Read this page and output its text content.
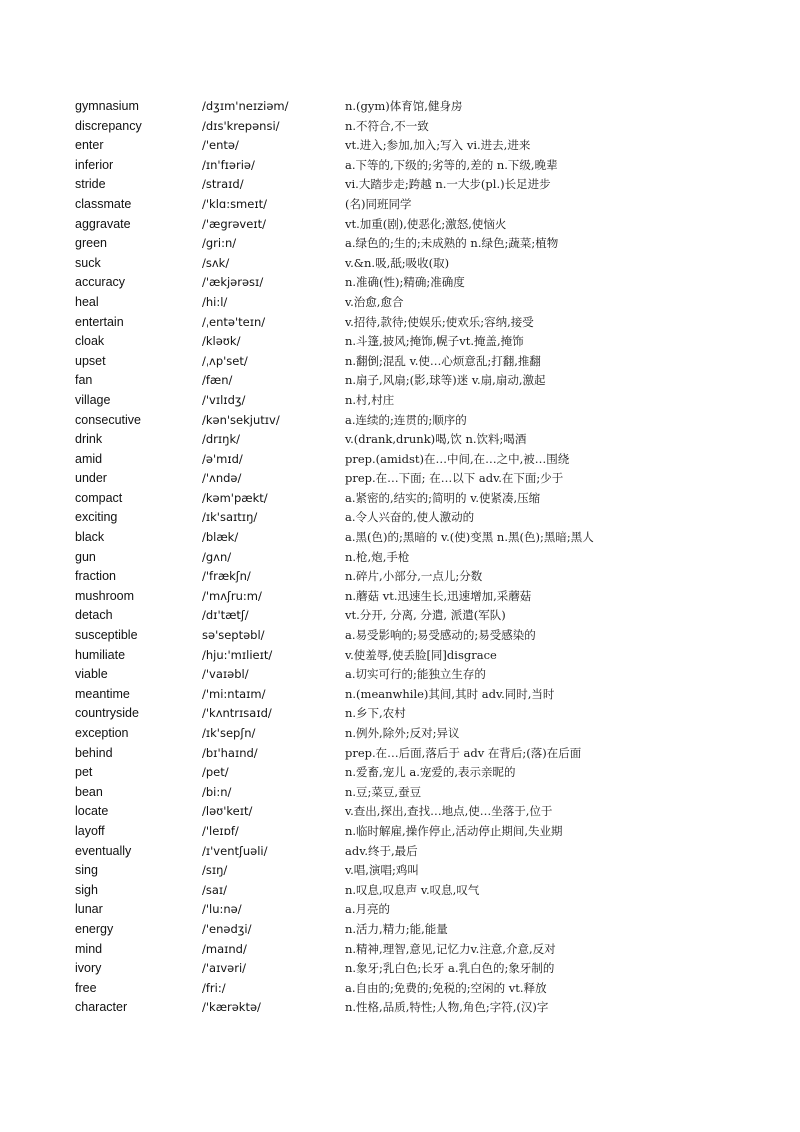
gymnasium	/dʒɪm'neɪziəm/	n.(gym)体育馆,健身房
discrepancy	/dɪs'krepənsi/	n.不符合,不一致
enter	/'entə/	vt.进入;参加,加入;写入 vi.进去,进来
inferior	/ɪn'fɪəriə/	a.下等的,下级的;劣等的,差的 n.下级,晚辈
stride	/straɪd/	vi.大踏步走;跨越 n.一大步(pl.)长足进步
classmate	/'klɑ:smeɪt/	(名)同班同学
aggravate	/'ægrəveɪt/	vt.加重(剧),使恶化;激怒,使恼火
green	/gri:n/	a.绿色的;生的;未成熟的 n.绿色;蔬菜;植物
suck	/sʌk/	v.&n.吸,舐;吸收(取)
accuracy	/'ækjərəsɪ/	n.准确(性);精确;准确度
heal	/hi:l/	v.治愈,愈合
entertain	/ˌentə'teɪn/	v.招待,款待;使娱乐;使欢乐;容纳,接受
cloak	/kləʊk/	n.斗篷,披风;掩饰,幌子vt.掩盖,掩饰
upset	/ˌʌp'set/	n.翻倒;混乱 v.使…心烦意乱;打翻,推翻
fan	/fæn/	n.扇子,风扇;(影,球等)迷 v.扇,扇动,激起
village	/'vɪlɪdʒ/	n.村,村庄
consecutive	/kən'sekjutɪv/	a.连续的;连贯的;顺序的
drink	/drɪŋk/	v.(drank,drunk)喝,饮 n.饮料;喝酒
amid	/ə'mɪd/	prep.(amidst)在…中间,在…之中,被…围绕
under	/'ʌndə/	prep.在…下面; 在…以下 adv.在下面;少于
compact	/kəm'pækt/	a.紧密的,结实的;简明的 v.使紧凑,压缩
exciting	/ɪk'saɪtɪŋ/	a.令人兴奋的,使人激动的
black	/blæk/	a.黑(色)的;黑暗的 v.(使)变黑 n.黑(色);黑暗;黑人
gun	/gʌn/	n.枪,炮,手枪
fraction	/'frækʃn/	n.碎片,小部分,一点儿;分数
mushroom	/'mʌʃru:m/	n.蘑菇 vt.迅速生长,迅速增加,采蘑菇
detach	/dɪ'tætʃ/	vt.分开, 分离, 分遣, 派遣(军队)
susceptible	sə'septəbl/	a.易受影响的;易受感动的;易受感染的
humiliate	/hju:'mɪlieɪt/	v.使羞辱,使丢脸[同]disgrace
viable	/'vaɪəbl/	a.切实可行的;能独立生存的
meantime	/'mi:ntaɪm/	n.(meanwhile)其间,其时 adv.同时,当时
countryside	/'kʌntrɪsaɪd/	n.乡下,农村
exception	/ɪk'sepʃn/	n.例外,除外;反对;异议
behind	/bɪ'haɪnd/	prep.在…后面,落后于 adv 在背后;(落)在后面
pet	/pet/	n.爱畜,宠儿 a.宠爱的,表示亲昵的
bean	/bi:n/	n.豆;菜豆,蚕豆
locate	/ləʊ'keɪt/	v.查出,探出,查找…地点,使…坐落于,位于
layoff	/'leɪɒf/	n.临时解雇,操作停止,活动停止期间,失业期
eventually	/ɪ'ventʃuəli/	adv.终于,最后
sing	/sɪŋ/	v.唱,演唱;鸡叫
sigh	/saɪ/	n.叹息,叹息声 v.叹息,叹气
lunar	/'lu:nə/	a.月亮的
energy	/'enədʒi/	n.活力,精力;能,能量
mind	/maɪnd/	n.精神,理智,意见,记忆力v.注意,介意,反对
ivory	/'aɪvəri/	n.象牙;乳白色;长牙 a.乳白色的;象牙制的
free	/fri:/	a.自由的;免费的;免税的;空闲的 vt.释放
character	/'kærəktə/	n.性格,品质,特性;人物,角色;字符,(汉)字
